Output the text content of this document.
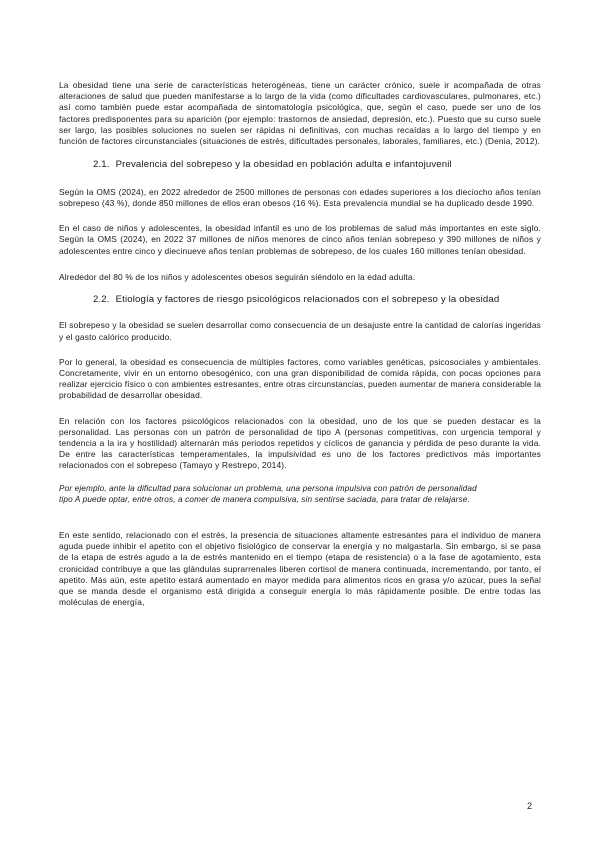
La obesidad tiene una serie de características heterogéneas, tiene un carácter crónico, suele ir acompañada de otras alteraciones de salud que pueden manifestarse a lo largo de la vida (como dificultades cardiovasculares, pulmonares, etc.) así como también puede estar acompañada de sintomatología psicológica, que, según el caso, puede ser uno de los factores predisponentes para su aparición (por ejemplo: trastornos de ansiedad, depresión, etc.). Puesto que su curso suele ser largo, las posibles soluciones no suelen ser rápidas ni definitivas, con muchas recaídas a lo largo del tiempo y en función de factores circunstanciales (situaciones de estrés, dificultades personales, laborales, familiares, etc.) (Denia, 2012).

2.1. Prevalencia del sobrepeso y la obesidad en población adulta e infantojuvenil

Según la OMS (2024), en 2022 alrededor de 2500 millones de personas con edades superiores a los dieciocho años tenían sobrepeso (43 %), donde 850 millones de ellos eran obesos (16 %). Esta prevalencia mundial se ha duplicado desde 1990.

En el caso de niños y adolescentes, la obesidad infantil es uno de los problemas de salud más importantes en este siglo. Según la OMS (2024), en 2022 37 millones de niños menores de cinco años tenían sobrepeso y 390 millones de niños y adolescentes entre cinco y diecinueve años tenían problemas de sobrepeso, de los cuales 160 millones tenían obesidad.

Alrededor del 80 % de los niños y adolescentes obesos seguirán siéndolo en la edad adulta.

2.2. Etiología y factores de riesgo psicológicos relacionados con el sobrepeso y la obesidad

El sobrepeso y la obesidad se suelen desarrollar como consecuencia de un desajuste entre la cantidad de calorías ingeridas y el gasto calórico producido.

Por lo general, la obesidad es consecuencia de múltiples factores, como variables genéticas, psicosociales y ambientales. Concretamente, vivir en un entorno obesogénico, con una gran disponibilidad de comida rápida, con pocas opciones para realizar ejercicio físico o con ambientes estresantes, entre otras circunstancias, pueden aumentar de manera considerable la probabilidad de desarrollar obesidad.

En relación con los factores psicológicos relacionados con la obesidad, uno de los que se pueden destacar es la personalidad. Las personas con un patrón de personalidad de tipo A (personas competitivas, con urgencia temporal y tendencia a la ira y hostilidad) alternarán más periodos repetidos y cíclicos de ganancia y pérdida de peso durante la vida. De entre las características temperamentales, la impulsividad es uno de los factores predictivos más importantes relacionados con el sobrepeso (Tamayo y Restrepo, 2014).

Por ejemplo, ante la dificultad para solucionar un problema, una persona impulsiva con patrón de personalidad

tipo A puede optar, entre otros, a comer de manera compulsiva, sin sentirse saciada, para tratar de relajarse.

En este sentido, relacionado con el estrés, la presencia de situaciones altamente estresantes para el individuo de manera aguda puede inhibir el apetito con el objetivo fisiológico de conservar la energía y no malgastarla. Sin embargo, si se pasa de la etapa de estrés agudo a la de estrés mantenido en el tiempo (etapa de resistencia) o a la fase de agotamiento, esta cronicidad contribuye a que las glándulas suprarrenales liberen cortisol de manera continuada, incrementando, por tanto, el apetito. Más aún, este apetito estará aumentado en mayor medida para alimentos ricos en grasa y/o azúcar, pues la señal que se manda desde el organismo está dirigida a conseguir energía lo más rápidamente posible. De entre todas las moléculas de energía,

2
